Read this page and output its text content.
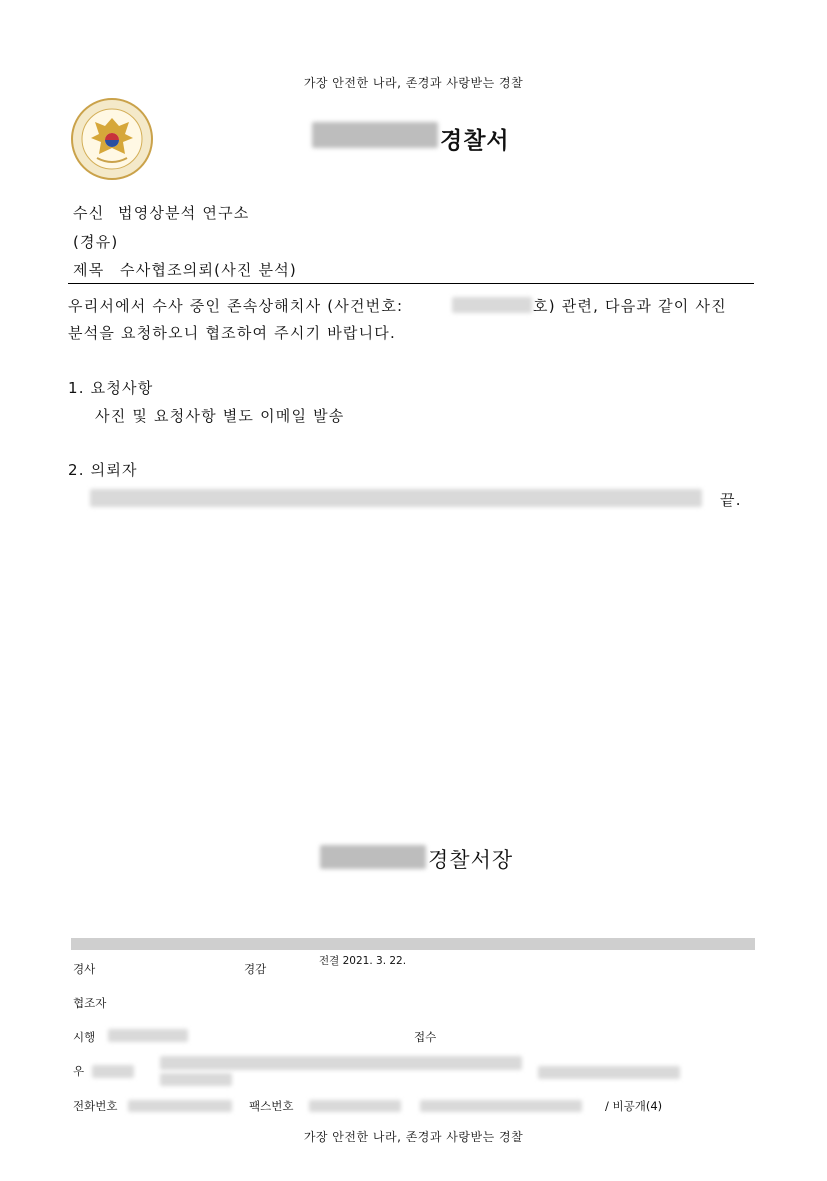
가장 안전한 나라, 존경과 사랑받는 경찰
경찰서
수신 법영상분석 연구소
(경유)
제목 수사협조의뢰(사진 분석)
우리서에서 수사 중인 존속상해치사 (사건번호:	호) 관련, 다음과 같이 사진
분석을 요청하오니 협조하여 주시기 바랍니다.
1. 요청사항
사진 및 요청사항 별도 이메일 발송
2. 의뢰자
끝.
경찰서장
경사	경감
전결 2021. 3. 22.
협조자
시행	접수
우
전화번호	팩스번호	/ 비공개(4)
가장 안전한 나라, 존경과 사랑받는 경찰
